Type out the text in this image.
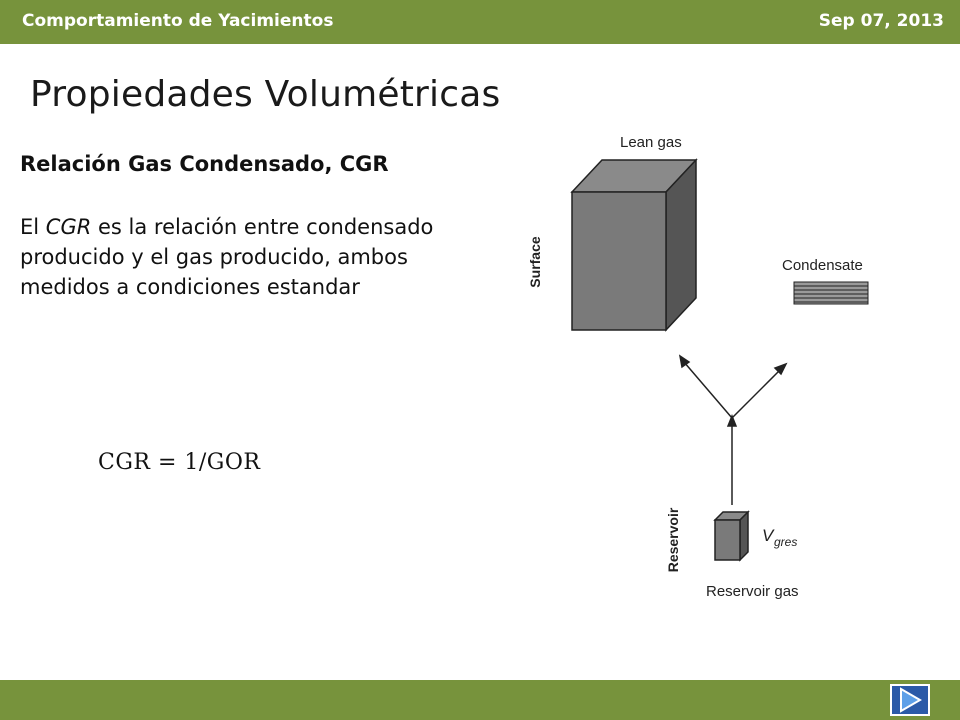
Comportamiento de Yacimientos	Sep 07, 2013
Propiedades Volumétricas
Relación Gas Condensado, CGR
El CGR es la relación entre condensado producido y el gas producido, ambos medidos a condiciones estandar
CGR = 1/GOR
Surface
Lean gas
Condensate
Reservoir	V gres
Reservoir gas
